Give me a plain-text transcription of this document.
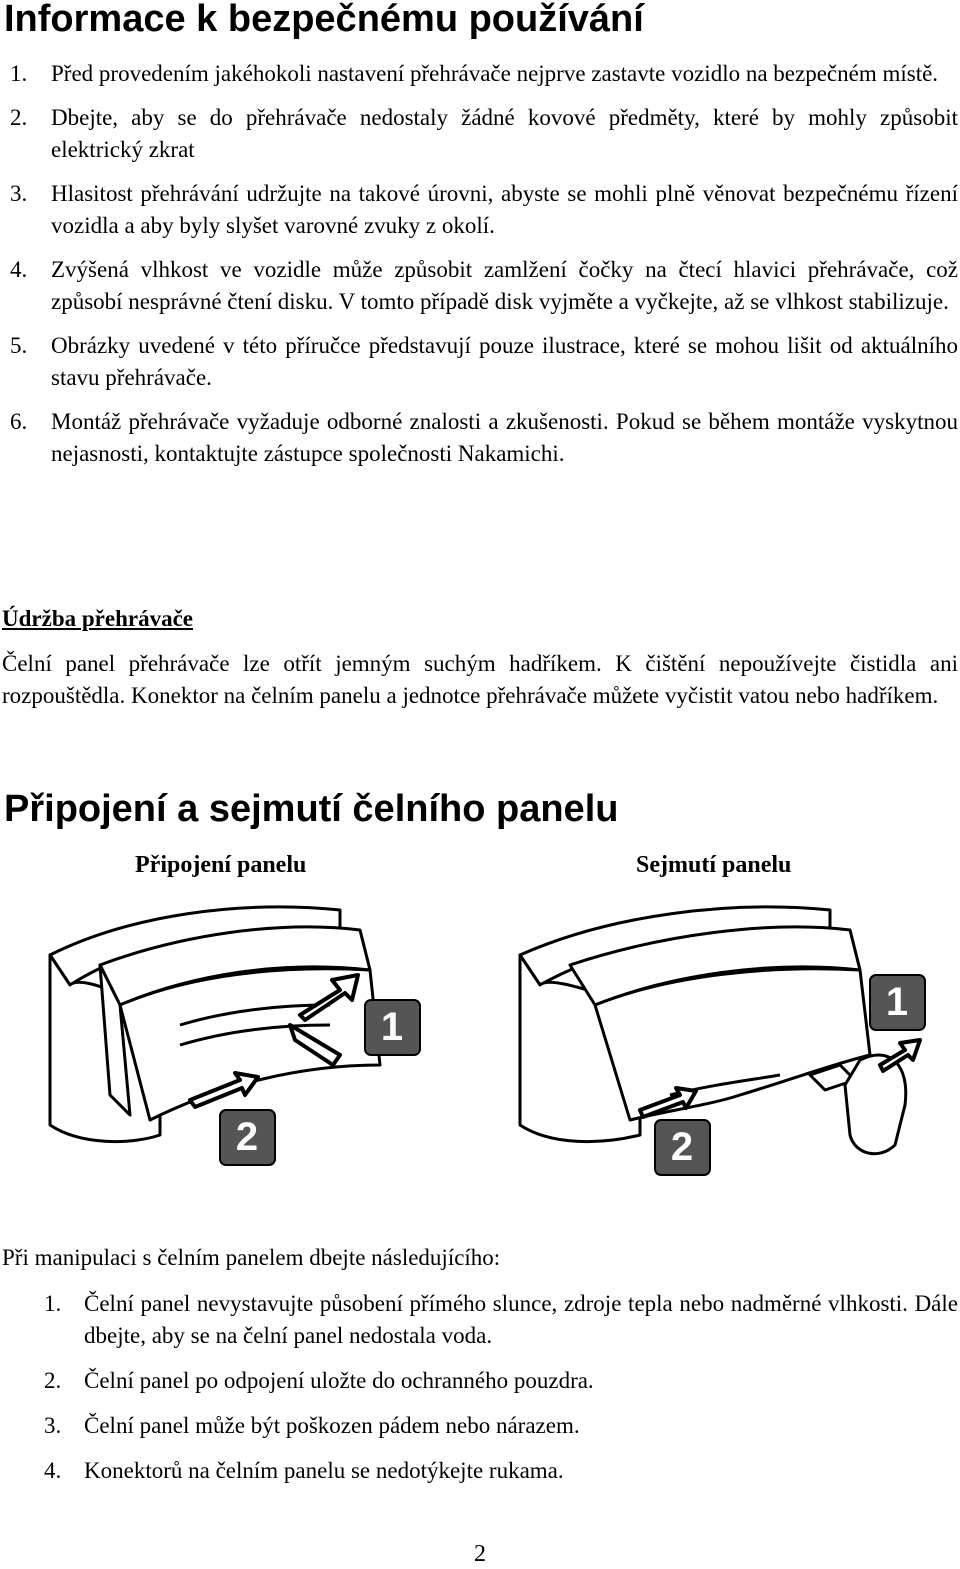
Informace k bezpečnému používání
1. Před provedením jakéhokoli nastavení přehrávače nejprve zastavte vozidlo na bezpečném místě.
2. Dbejte, aby se do přehrávače nedostaly žádné kovové předměty, které by mohly způsobit elektrický zkrat
3. Hlasitost přehrávání udržujte na takové úrovni, abyste se mohli plně věnovat bezpečnému řízení vozidla a aby byly slyšet varovné zvuky z okolí.
4. Zvýšená vlhkost ve vozidle může způsobit zamlžení čočky na čtecí hlavici přehrávače, což způsobí nesprávné čtení disku. V tomto případě disk vyjměte a vyčkejte, až se vlhkost stabilizuje.
5. Obrázky uvedené v této příručce představují pouze ilustrace, které se mohou lišit od aktuálního stavu přehrávače.
6. Montáž přehrávače vyžaduje odborné znalosti a zkušenosti. Pokud se během montáže vyskytnou nejasnosti, kontaktujte zástupce společnosti Nakamichi.

Údržba přehrávače

Čelní panel přehrávače lze otřít jemným suchým hadříkem. K čištění nepoužívejte čistidla ani rozpouštědla. Konektor na čelním panelu a jednotce přehrávače můžete vyčistit vatou nebo hadříkem.

Připojení a sejmutí čelního panelu

Připojení panelu	Sejmutí panelu

1
2
1
2

Při manipulaci s čelním panelem dbejte následujícího:

1. Čelní panel nevystavujte působení přímého slunce, zdroje tepla nebo nadměrné vlhkosti. Dále dbejte, aby se na čelní panel nedostala voda.
2. Čelní panel po odpojení uložte do ochranného pouzdra.
3. Čelní panel může být poškozen pádem nebo nárazem.
4. Konektorů na čelním panelu se nedotýkejte rukama.

2
